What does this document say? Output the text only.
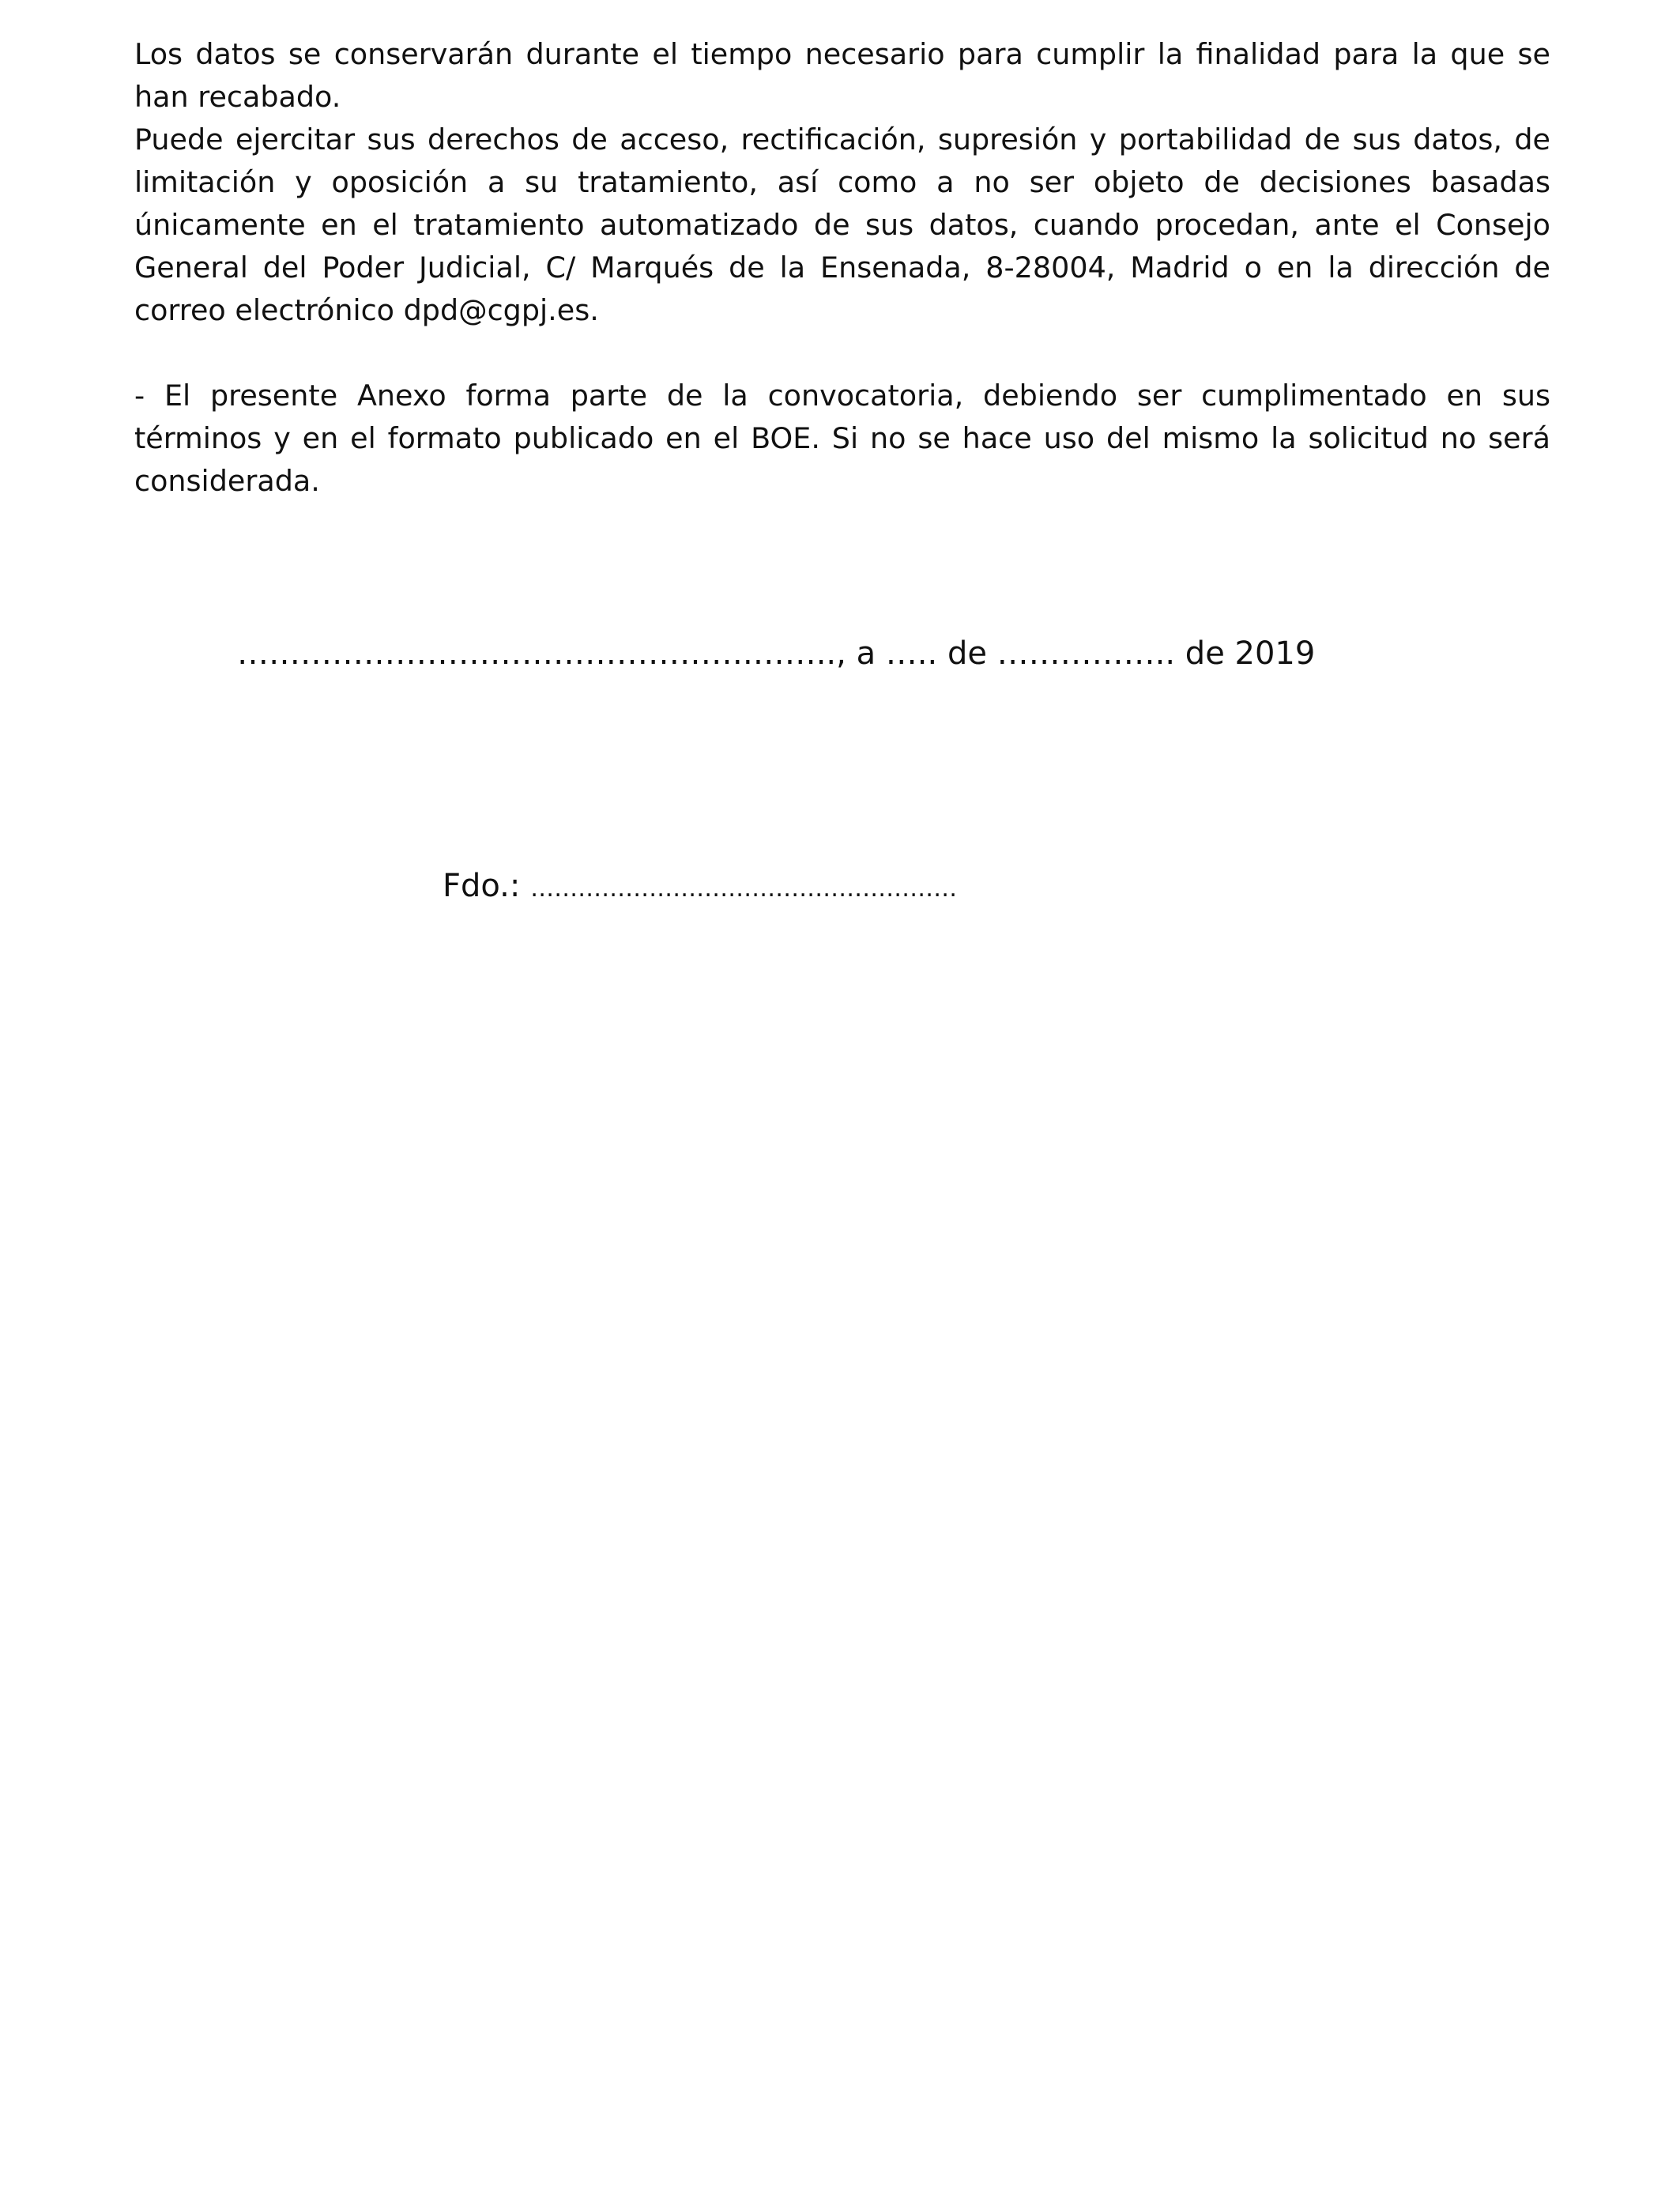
Los datos se conservarán durante el tiempo necesario para cumplir la finalidad para la que se han recabado.

Puede ejercitar sus derechos de acceso, rectificación, supresión y portabilidad de sus datos, de limitación y oposición a su tratamiento, así como a no ser objeto de decisiones basadas únicamente en el tratamiento automatizado de sus datos, cuando procedan, ante el Consejo General del Poder Judicial, C/ Marqués de la Ensenada, 8-28004, Madrid o en la dirección de correo electrónico dpd@cgpj.es.

- El presente Anexo forma parte de la convocatoria, debiendo ser cumplimentado en sus términos y en el formato publicado en el BOE. Si no se hace uso del mismo la solicitud no será considerada.

………………………………………….…….., a ….. de …………….. de 2019
Fdo.: ………………………………………………
